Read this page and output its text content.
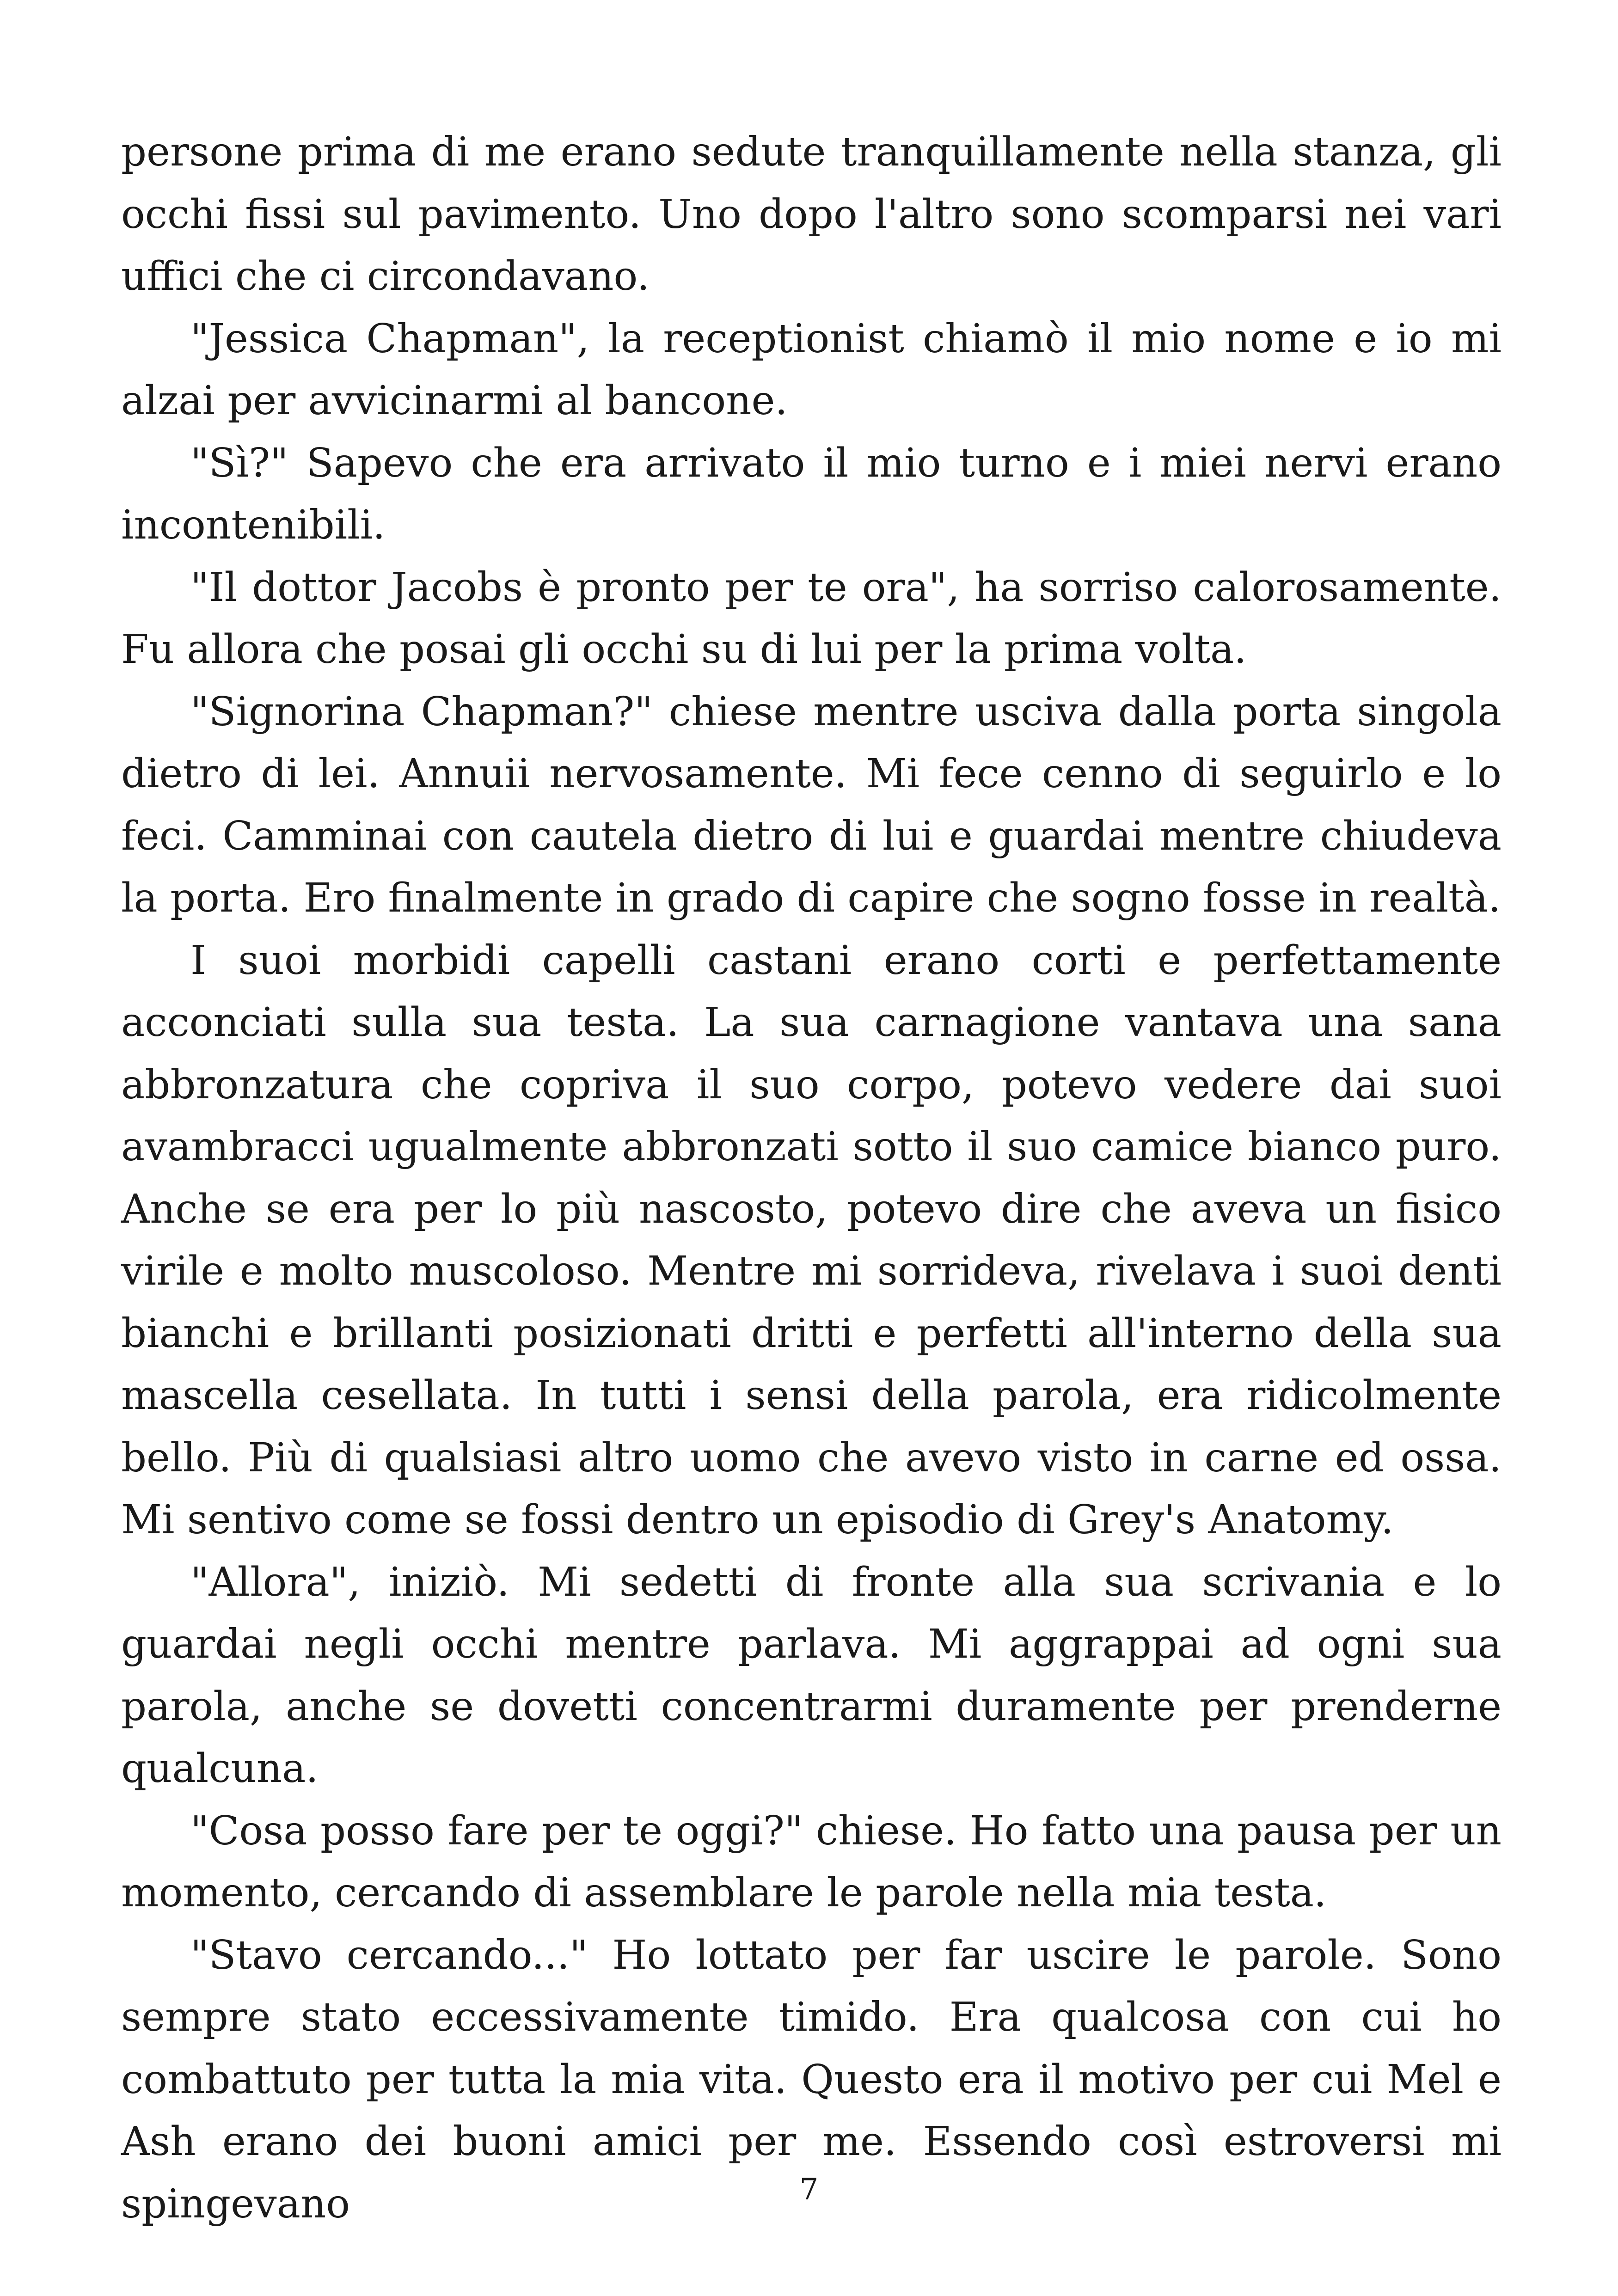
persone prima di me erano sedute tranquillamente nella stanza, gli occhi fissi sul pavimento. Uno dopo l'altro sono scomparsi nei vari uffici che ci circondavano.

"Jessica Chapman", la receptionist chiamò il mio nome e io mi alzai per avvicinarmi al bancone.

"Sì?" Sapevo che era arrivato il mio turno e i miei nervi erano incontenibili.

"Il dottor Jacobs è pronto per te ora", ha sorriso calorosamente. Fu allora che posai gli occhi su di lui per la prima volta.

"Signorina Chapman?" chiese mentre usciva dalla porta singola dietro di lei. Annuii nervosamente. Mi fece cenno di seguirlo e lo feci. Camminai con cautela dietro di lui e guardai mentre chiudeva la porta. Ero finalmente in grado di capire che sogno fosse in realtà.

I suoi morbidi capelli castani erano corti e perfettamente acconciati sulla sua testa. La sua carnagione vantava una sana abbronzatura che copriva il suo corpo, potevo vedere dai suoi avambracci ugualmente abbronzati sotto il suo camice bianco puro. Anche se era per lo più nascosto, potevo dire che aveva un fisico virile e molto muscoloso. Mentre mi sorrideva, rivelava i suoi denti bianchi e brillanti posizionati dritti e perfetti all'interno della sua mascella cesellata. In tutti i sensi della parola, era ridicolmente bello. Più di qualsiasi altro uomo che avevo visto in carne ed ossa. Mi sentivo come se fossi dentro un episodio di Grey's Anatomy.

"Allora", iniziò. Mi sedetti di fronte alla sua scrivania e lo guardai negli occhi mentre parlava. Mi aggrappai ad ogni sua parola, anche se dovetti concentrarmi duramente per prenderne qualcuna.

"Cosa posso fare per te oggi?" chiese. Ho fatto una pausa per un momento, cercando di assemblare le parole nella mia testa.

"Stavo cercando..." Ho lottato per far uscire le parole. Sono sempre stato eccessivamente timido. Era qualcosa con cui ho combattuto per tutta la mia vita. Questo era il motivo per cui Mel e Ash erano dei buoni amici per me. Essendo così estroversi mi spingevano	7
